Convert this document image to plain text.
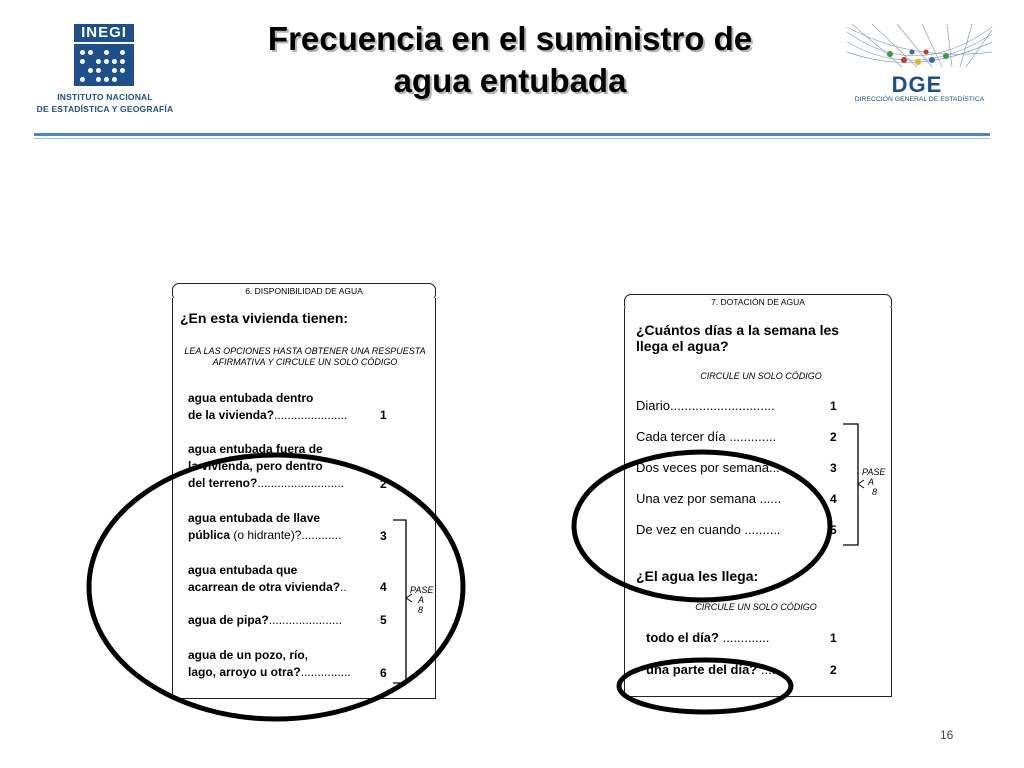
INEGI
INSTITUTO NACIONAL
DE ESTADÍSTICA Y GEOGRAFÍA
Frecuencia en el suministro de
agua entubada	DGE
DIRECCIÓN GENERAL DE ESTADÍSTICA
6. DISPONIBILIDAD DE AGUA
¿En esta vivienda tienen:
LEA LAS OPCIONES HASTA OBTENER UNA RESPUESTA
AFIRMATIVA Y CIRCULE UN SOLO CÓDIGO
agua entubada dentro
de la vivienda?......................	1
agua entubada fuera de
la vivienda, pero dentro
del terreno?..........................	2
agua entubada de llave
pública (o hidrante)?............	3
agua entubada que
acarrean de otra vivienda?..	4
agua de pipa?......................	5
agua de un pozo, río,
lago, arroyo u otra?............... 6
PASE
A
8
7. DOTACIÓN DE AGUA
¿Cuántos días a la semana les
llega el agua?
CIRCULE UN SOLO CÓDIGO
Diario.............................	1
Cada tercer día .............	2
Dos veces por semana...	3
Una vez por semana ......	4
De vez en cuando ..........	5
PASE
A
8
¿El agua les llega:
CIRCULE UN SOLO CÓDIGO
todo el día? .............	1
una parte del día? ....	2
16
